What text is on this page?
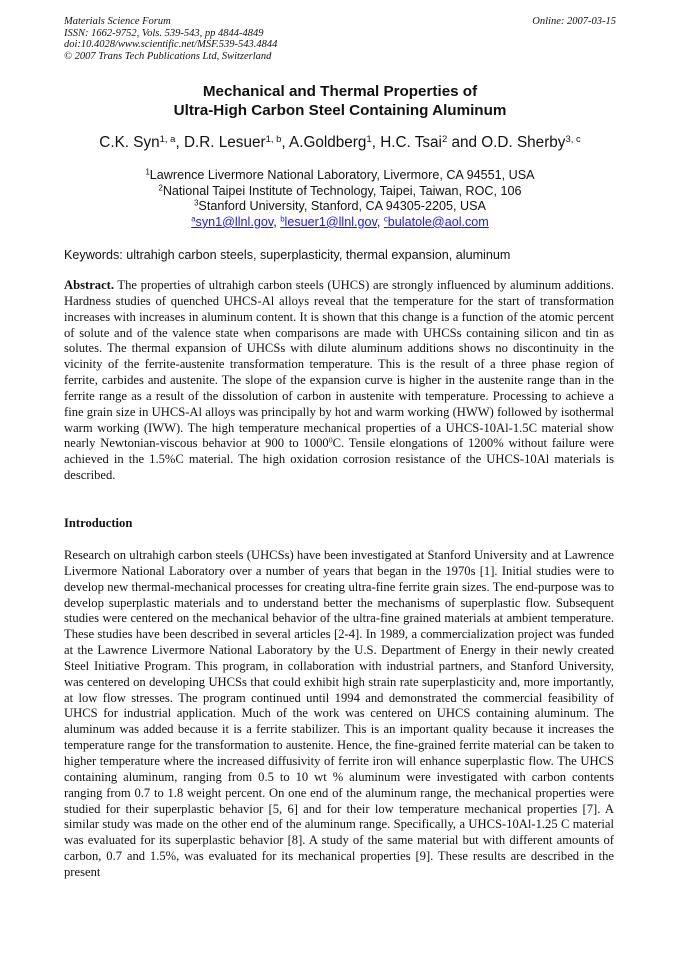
Materials Science Forum
ISSN: 1662-9752, Vols. 539-543, pp 4844-4849
doi:10.4028/www.scientific.net/MSF.539-543.4844
© 2007 Trans Tech Publications Ltd, Switzerland
Online: 2007-03-15
Mechanical and Thermal Properties of
Ultra-High Carbon Steel Containing Aluminum
C.K. Syn$^{1, a}$, D.R. Lesuer$^{1, b}$, A.Goldberg$^1$, H.C. Tsai$^2$ and O.D. Sherby$^{3, c}$
$^1$Lawrence Livermore National Laboratory, Livermore, CA 94551, USA
$^2$National Taipei Institute of Technology, Taipei, Taiwan, ROC, 106
$^3$Stanford University, Stanford, CA 94305-2205, USA
$^a$syn1@llnl.gov, $^b$lesuer1@llnl.gov, $^c$bulatole@aol.com
Keywords: ultrahigh carbon steels, superplasticity, thermal expansion, aluminum
Abstract. The properties of ultrahigh carbon steels (UHCS) are strongly influenced by aluminum additions. Hardness studies of quenched UHCS-Al alloys reveal that the temperature for the start of transformation increases with increases in aluminum content. It is shown that this change is a function of the atomic percent of solute and of the valence state when comparisons are made with UHCSs containing silicon and tin as solutes. The thermal expansion of UHCSs with dilute aluminum additions shows no discontinuity in the vicinity of the ferrite-austenite transformation temperature. This is the result of a three phase region of ferrite, carbides and austenite. The slope of the expansion curve is higher in the austenite range than in the ferrite range as a result of the dissolution of carbon in austenite with temperature. Processing to achieve a fine grain size in UHCS-Al alloys was principally by hot and warm working (HWW) followed by isothermal warm working (IWW). The high temperature mechanical properties of a UHCS-10Al-1.5C material show nearly Newtonian-viscous behavior at 900 to 1000$^0$C. Tensile elongations of 1200% without failure were achieved in the 1.5%C material. The high oxidation corrosion resistance of the UHCS-10Al materials is described.
Introduction
Research on ultrahigh carbon steels (UHCSs) have been investigated at Stanford University and at Lawrence Livermore National Laboratory over a number of years that began in the 1970s [1]. Initial studies were to develop new thermal-mechanical processes for creating ultra-fine ferrite grain sizes. The end-purpose was to develop superplastic materials and to understand better the mechanisms of superplastic flow. Subsequent studies were centered on the mechanical behavior of the ultra-fine grained materials at ambient temperature. These studies have been described in several articles [2-4]. In 1989, a commercialization project was funded at the Lawrence Livermore National Laboratory by the U.S. Department of Energy in their newly created Steel Initiative Program. This program, in collaboration with industrial partners, and Stanford University, was centered on developing UHCSs that could exhibit high strain rate superplasticity and, more importantly, at low flow stresses. The program continued until 1994 and demonstrated the commercial feasibility of UHCS for industrial application. Much of the work was centered on UHCS containing aluminum. The aluminum was added because it is a ferrite stabilizer. This is an important quality because it increases the temperature range for the transformation to austenite. Hence, the fine-grained ferrite material can be taken to higher temperature where the increased diffusivity of ferrite iron will enhance superplastic flow. The UHCS containing aluminum, ranging from 0.5 to 10 wt % aluminum were investigated with carbon contents ranging from 0.7 to 1.8 weight percent. On one end of the aluminum range, the mechanical properties were studied for their superplastic behavior [5, 6] and for their low temperature mechanical properties [7]. A similar study was made on the other end of the aluminum range. Specifically, a UHCS-10Al-1.25 C material was evaluated for its superplastic behavior [8]. A study of the same material but with different amounts of carbon, 0.7 and 1.5%, was evaluated for its mechanical properties [9]. These results are described in the present
